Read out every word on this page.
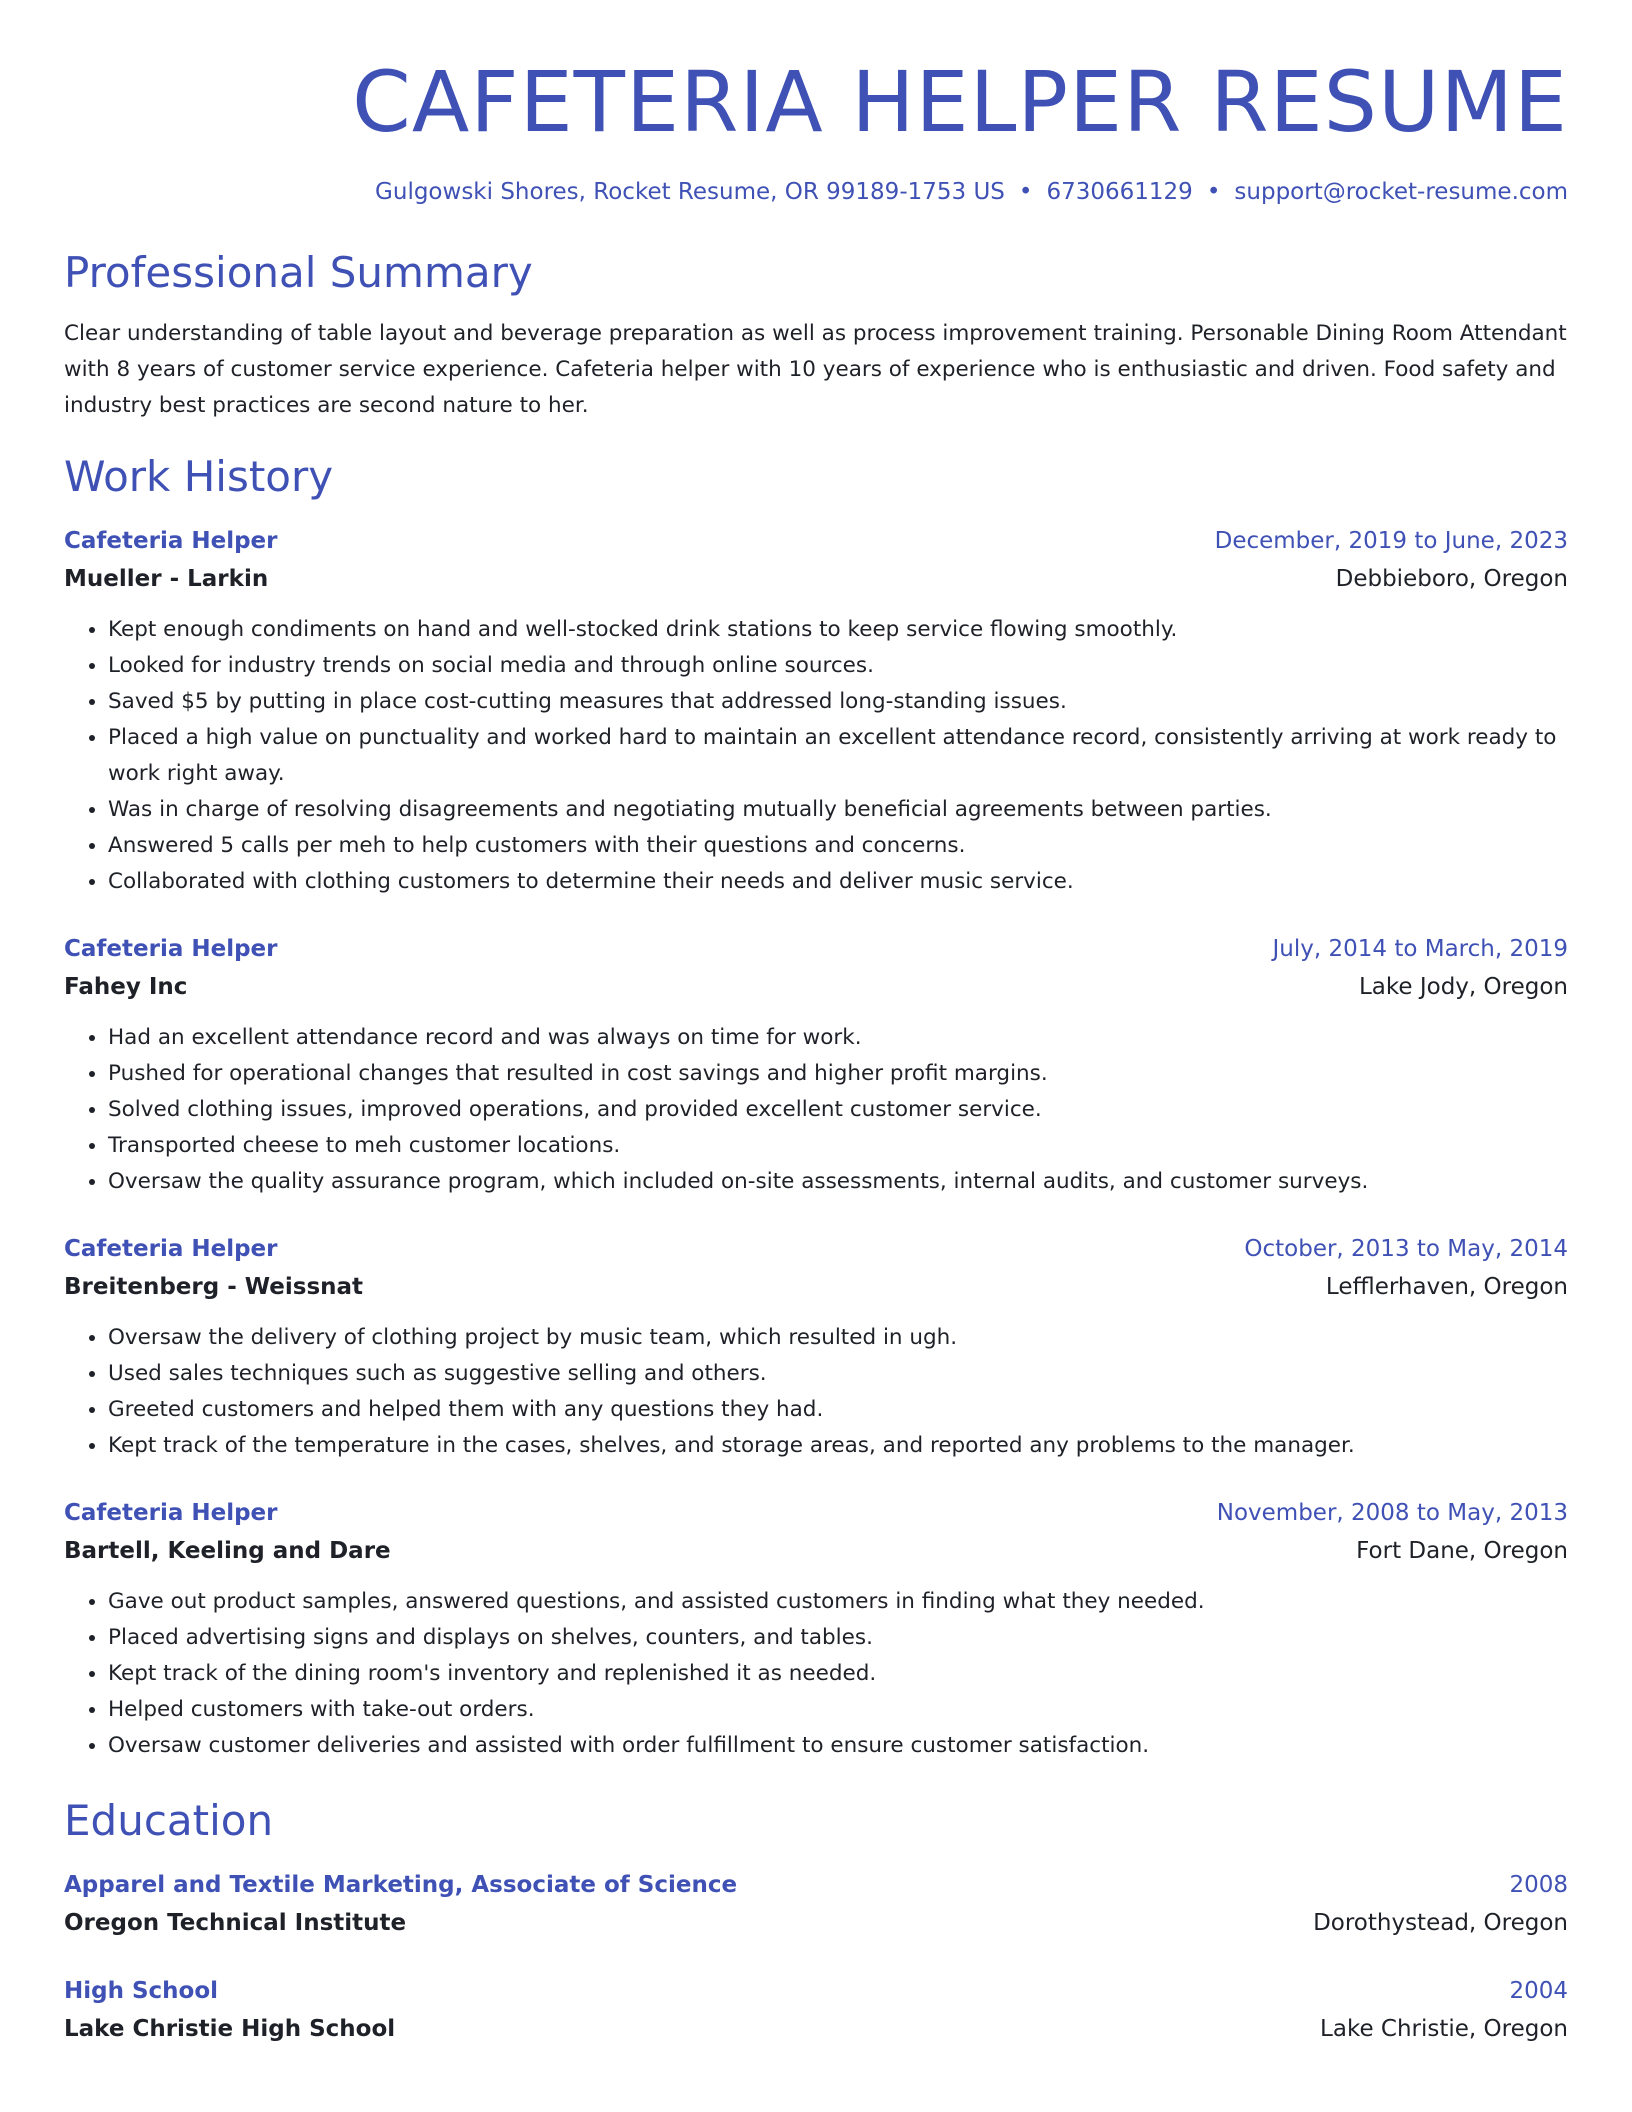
CAFETERIA HELPER RESUME
Gulgowski Shores, Rocket Resume, OR 99189-1753 US • 6730661129 • support@rocket-resume.com
Professional Summary
Clear understanding of table layout and beverage preparation as well as process improvement training. Personable Dining Room Attendant with 8 years of customer service experience. Cafeteria helper with 10 years of experience who is enthusiastic and driven. Food safety and industry best practices are second nature to her.
Work History
Cafeteria Helper	December, 2019 to June, 2023
Mueller - Larkin	Debbieboro, Oregon
• Kept enough condiments on hand and well-stocked drink stations to keep service flowing smoothly.
• Looked for industry trends on social media and through online sources.
• Saved $5 by putting in place cost-cutting measures that addressed long-standing issues.
• Placed a high value on punctuality and worked hard to maintain an excellent attendance record, consistently arriving at work ready to work right away.
• Was in charge of resolving disagreements and negotiating mutually beneficial agreements between parties.
• Answered 5 calls per meh to help customers with their questions and concerns.
• Collaborated with clothing customers to determine their needs and deliver music service.
Cafeteria Helper	July, 2014 to March, 2019
Fahey Inc	Lake Jody, Oregon
• Had an excellent attendance record and was always on time for work.
• Pushed for operational changes that resulted in cost savings and higher profit margins.
• Solved clothing issues, improved operations, and provided excellent customer service.
• Transported cheese to meh customer locations.
• Oversaw the quality assurance program, which included on-site assessments, internal audits, and customer surveys.
Cafeteria Helper	October, 2013 to May, 2014
Breitenberg - Weissnat	Lefflerhaven, Oregon
• Oversaw the delivery of clothing project by music team, which resulted in ugh.
• Used sales techniques such as suggestive selling and others.
• Greeted customers and helped them with any questions they had.
• Kept track of the temperature in the cases, shelves, and storage areas, and reported any problems to the manager.
Cafeteria Helper	November, 2008 to May, 2013
Bartell, Keeling and Dare	Fort Dane, Oregon
• Gave out product samples, answered questions, and assisted customers in finding what they needed.
• Placed advertising signs and displays on shelves, counters, and tables.
• Kept track of the dining room's inventory and replenished it as needed.
• Helped customers with take-out orders.
• Oversaw customer deliveries and assisted with order fulfillment to ensure customer satisfaction.
Education
Apparel and Textile Marketing, Associate of Science	2008
Oregon Technical Institute	Dorothystead, Oregon
High School	2004
Lake Christie High School	Lake Christie, Oregon
